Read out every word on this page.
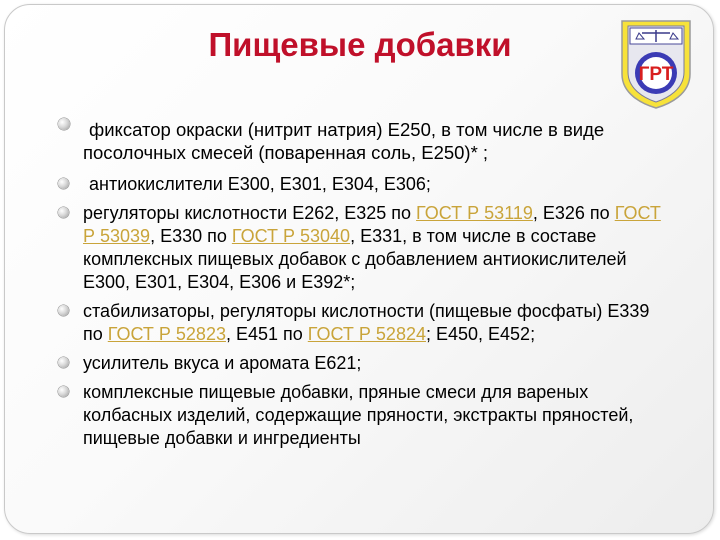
Пищевые добавки
ГРТ
фиксатор окраски (нитрит натрия) Е250, в том числе в виде посолочных смесей (поваренная соль, Е250)* ;
антиокислители Е300, Е301, Е304, Е306;
регуляторы кислотности Е262, Е325 по ГОСТ Р 53119, Е326 по ГОСТ Р 53039, Е330 по ГОСТ Р 53040, Е331, в том числе в составе комплексных пищевых добавок с добавлением антиокислителей Е300, Е301, Е304, Е306 и Е392*;
стабилизаторы, регуляторы кислотности (пищевые фосфаты) Е339 по ГОСТ Р 52823, Е451 по ГОСТ Р 52824; Е450, Е452;
усилитель вкуса и аромата Е621;
комплексные пищевые добавки, пряные смеси для вареных колбасных изделий, содержащие пряности, экстракты пряностей, пищевые добавки и ингредиенты
